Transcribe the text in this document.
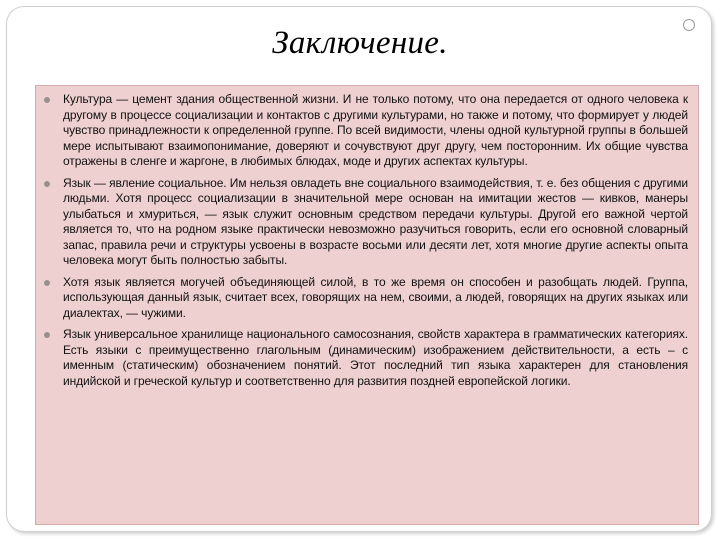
Заключение.
Культура — цемент здания общественной жизни. И не только потому, что она передается от одного человека к другому в процессе социализации и контактов с другими культурами, но также и потому, что формирует у людей чувство принадлежности к определенной группе. По всей видимости, члены одной культурной группы в большей мере испытывают взаимопонимание, доверяют и сочувствуют друг другу, чем посторонним. Их общие чувства отражены в сленге и жаргоне, в любимых блюдах, моде и других аспектах культуры.
Язык — явление социальное. Им нельзя овладеть вне социального взаимодействия, т. е. без общения с другими людьми. Хотя процесс социализации в значительной мере основан на имитации жестов — кивков, манеры улыбаться и хмуриться, — язык служит основным средством передачи культуры. Другой его важной чертой является то, что на родном языке практически невозможно разучиться говорить, если его основной словарный запас, правила речи и структуры усвоены в возрасте восьми или десяти лет, хотя многие другие аспекты опыта человека могут быть полностью забыты.
Хотя язык является могучей объединяющей силой, в то же время он способен и разобщать людей. Группа, использующая данный язык, считает всех, говорящих на нем, своими, а людей, говорящих на других языках или диалектах, — чужими.
Язык универсальное хранилище национального самосознания, свойств характера в грамматических категориях. Есть языки с преимущественно глагольным (динамическим) изображением действительности, а есть – с именным (статическим) обозначением понятий. Этот последний тип языка характерен для становления индийской и греческой культур и соответственно для развития поздней европейской логики.
